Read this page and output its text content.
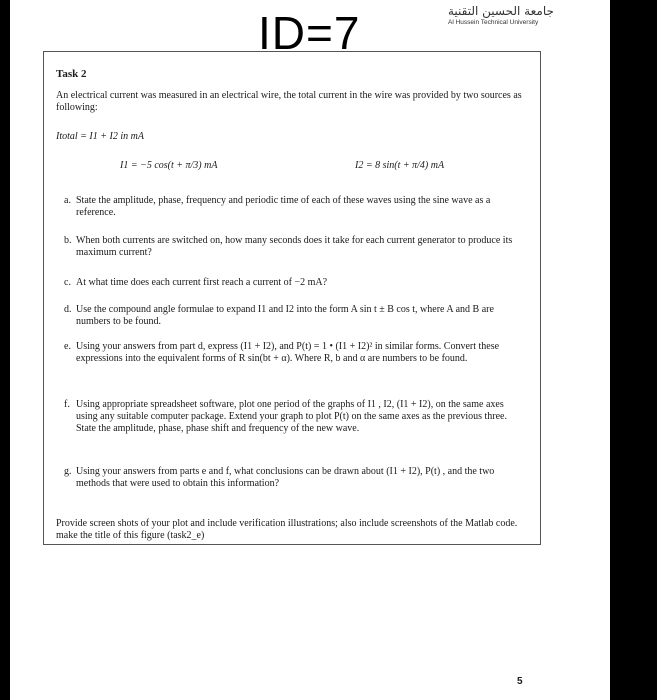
ID=7	جامعة الحسين التقنية
Al Hussein Technical University
Task 2
An electrical current was measured in an electrical wire, the total current in the wire was provided by two sources as following:
Itotal = I1 + I2 in mA
I1 = −5 cos(t + π/3) mA	I2 = 8 sin(t + π/4) mA
a. State the amplitude, phase, frequency and periodic time of each of these waves using the sine wave as a reference.
b. When both currents are switched on, how many seconds does it take for each current generator to produce its maximum current?
c. At what time does each current first reach a current of −2 mA?
d. Use the compound angle formulae to expand I1 and I2 into the form A sin t ± B cos t, where A and B are numbers to be found.
e. Using your answers from part d, express (I1 + I2), and P(t) = 1 • (I1 + I2)² in similar forms. Convert these expressions into the equivalent forms of R sin(bt + α). Where R, b and α are numbers to be found.
f. Using appropriate spreadsheet software, plot one period of the graphs of I1 , I2, (I1 + I2), on the same axes using any suitable computer package. Extend your graph to plot P(t) on the same axes as the previous three. State the amplitude, phase, phase shift and frequency of the new wave.
g. Using your answers from parts e and f, what conclusions can be drawn about (I1 + I2), P(t) , and the two methods that were used to obtain this information?
Provide screen shots of your plot and include verification illustrations; also include screenshots of the Matlab code. make the title of this figure (task2_e)
5
